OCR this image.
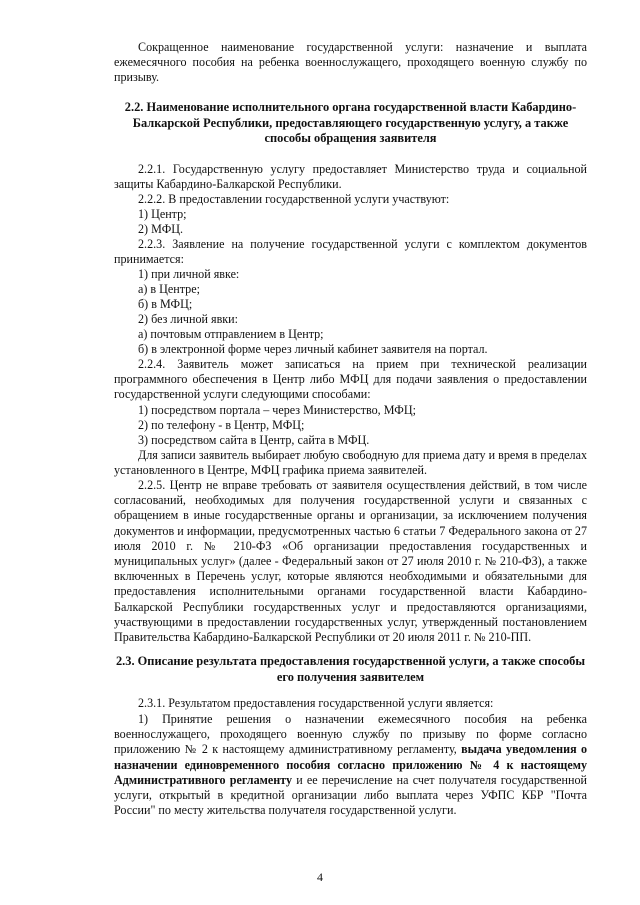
Сокращенное наименование государственной услуги: назначение и выплата ежемесячного пособия на ребенка военнослужащего, проходящего военную службу по призыву.
2.2. Наименование исполнительного органа государственной власти Кабардино-Балкарской Республики, предоставляющего государственную услугу, а также способы обращения заявителя
2.2.1. Государственную услугу предоставляет Министерство труда и социальной защиты Кабардино-Балкарской Республики.
2.2.2. В предоставлении государственной услуги участвуют:
1) Центр;
2) МФЦ.
2.2.3. Заявление на получение государственной услуги с комплектом документов принимается:
1) при личной явке:
а) в Центре;
б) в МФЦ;
2) без личной явки:
а) почтовым отправлением в Центр;
б) в электронной форме через личный кабинет заявителя на портал.
2.2.4. Заявитель может записаться на прием при технической реализации программного обеспечения в Центр либо МФЦ для подачи заявления о предоставлении государственной услуги следующими способами:
1) посредством портала – через Министерство, МФЦ;
2) по телефону - в Центр, МФЦ;
3) посредством сайта в Центр, сайта в МФЦ.
Для записи заявитель выбирает любую свободную для приема дату и время в пределах установленного в Центре, МФЦ графика приема заявителей.
2.2.5. Центр не вправе требовать от заявителя осуществления действий, в том числе согласований, необходимых для получения государственной услуги и связанных с обращением в иные государственные органы и организации, за исключением получения документов и информации, предусмотренных частью 6 статьи 7 Федерального закона от 27 июля 2010 г. № 210-ФЗ «Об организации предоставления государственных и муниципальных услуг» (далее - Федеральный закон от 27 июля 2010 г. № 210-ФЗ), а также включенных в Перечень услуг, которые являются необходимыми и обязательными для предоставления исполнительными органами государственной власти Кабардино-Балкарской Республики государственных услуг и предоставляются организациями, участвующими в предоставлении государственных услуг, утвержденный постановлением Правительства Кабардино-Балкарской Республики от 20 июля 2011 г. № 210-ПП.
2.3. Описание результата предоставления государственной услуги, а также способы его получения заявителем
2.3.1. Результатом предоставления государственной услуги является:
1) Принятие решения о назначении ежемесячного пособия на ребенка военнослужащего, проходящего военную службу по призыву по форме согласно приложению № 2 к настоящему административному регламенту, выдача уведомления о назначении единовременного пособия согласно приложению № 4 к настоящему Административного регламенту и ее перечисление на счет получателя государственной услуги, открытый в кредитной организации либо выплата через УФПС КБР "Почта России" по месту жительства получателя государственной услуги.
4
